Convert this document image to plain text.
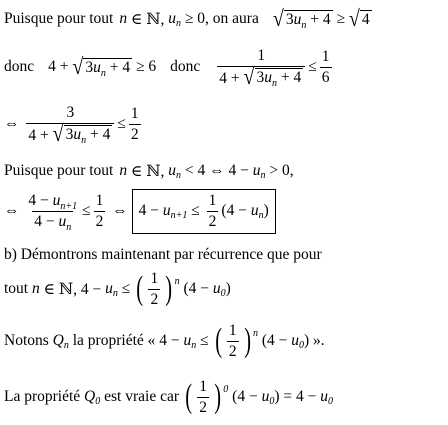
Puisque pour tout n ∈ ℕ, u n ≥ 0 , on aura √ $3u_n + 4$ ≥ √ 4
donc 4 + √ $3u_n + 4 \ge 6$ donc $\frac{1}{4 + √ 3u_n + 4} \le \frac{1}{6}$
⇔ $\frac{3}{4 + √ 3u_n + 4} \le \frac{1}{2}$
Puisque pour tout n ∈ ℕ, u n < 4 ⇔ 4 − u n > 0,
⇔ $\frac{4 - u_{n+1}}{4 - u_n} \le \frac{1}{2}$ ⇔ 4 − u $n+1 \le \frac{1}{2} (4 - u$ n )
b) Démontrons maintenant par récurrence que pour
tout
n ∈ ℕ, 4 − u n ≤ ( $\frac{1}{2}$ ) n (4 − u 0 )
Notons
Q n
la propriété « 4 − u n ≤ ( $\frac{1}{2}$ ) n (4 − u 0 ) ».
La propriété
Q 0
est vraie car
( $\frac{1}{2}$ ) 0 (4 − u 0 ) = 4 − u 0
